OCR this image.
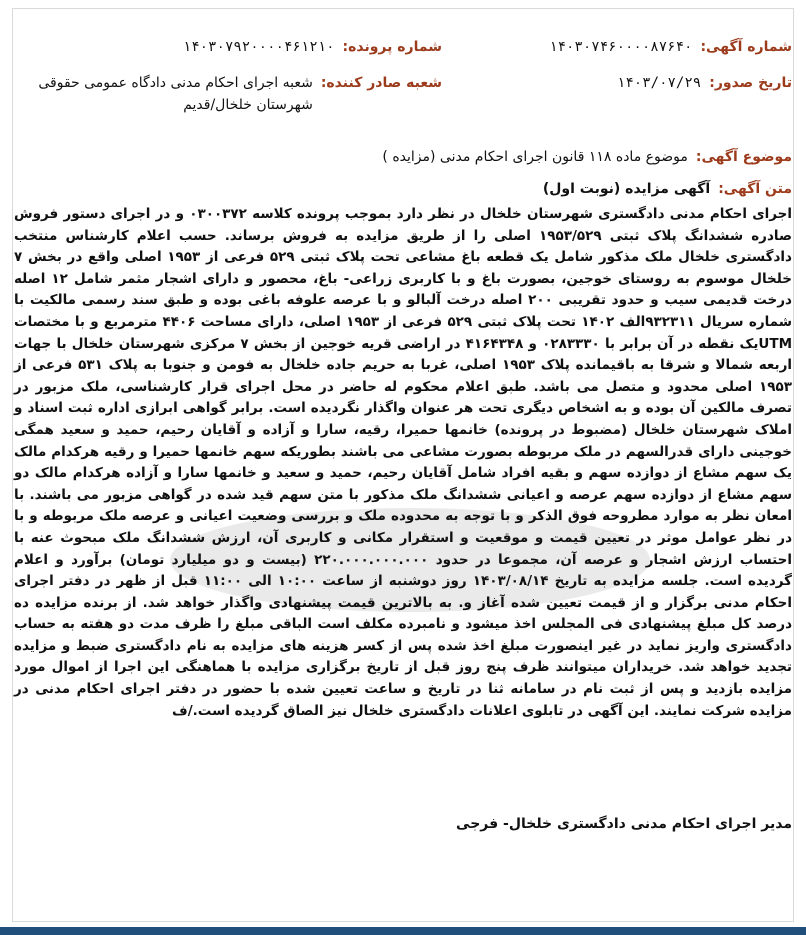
شماره آگهی:
۱۴۰۳۰۷۴۶۰۰۰۰۸۷۶۴۰
شماره پرونده:
۱۴۰۳۰۷۹۲۰۰۰۰۴۶۱۲۱۰
تاریخ صدور:
۱۴۰۳/۰۷/۲۹
شعبه صادر کننده:
شعبه اجرای احکام مدنی دادگاه عمومی حقوقی شهرستان خلخال/قدیم
موضوع آگهی:
موضوع ماده ۱۱۸ قانون اجرای احکام مدنی (مزایده )
متن آگهی:
آگهی مزایده (نوبت اول)
اجرای احکام مدنی دادگستری شهرستان خلخال در نظر دارد بموجب پرونده کلاسه ۰۳۰۰۳۷۲ و در اجرای دستور فروش صادره ششدانگ پلاک ثبتی ۱۹۵۳/۵۲۹ اصلی را از طریق مزایده به فروش برساند. حسب اعلام کارشناس منتخب دادگستری خلخال ملک مذکور شامل یک قطعه باغ مشاعی تحت پلاک ثبتی ۵۲۹ فرعی از ۱۹۵۳ اصلی واقع در بخش ۷ خلخال موسوم به روستای خوجین، بصورت باغ و با کاربری زراعی- باغ، محصور و دارای اشجار مثمر شامل ۱۲ اصله درخت قدیمی سیب و حدود تقریبی ۲۰۰ اصله درخت آلبالو و با عرصه علوفه باغی بوده و طبق سند رسمی مالکیت با شماره سریال ۹۳۲۳۱۱الف ۱۴۰۲ تحت پلاک ثبتی ۵۲۹ فرعی از ۱۹۵۳ اصلی، دارای مساحت ۴۴۰۶ مترمربع و با مختصات UTMیک نقطه در آن برابر با ۰۲۸۳۳۳۰ و ۴۱۶۴۳۴۸ در اراضی قریه خوجین از بخش ۷ مرکزی شهرستان خلخال با جهات اربعه شمالا و شرقا به باقیمانده پلاک ۱۹۵۳ اصلی، غربا به حریم جاده خلخال به فومن و جنوبا به پلاک ۵۳۱ فرعی از ۱۹۵۳ اصلی محدود و متصل می باشد. طبق اعلام محکوم له حاضر در محل اجرای قرار کارشناسی، ملک مزبور در تصرف مالکین آن بوده و به اشخاص دیگری تحت هر عنوان واگذار نگردیده است. برابر گواهی ابرازی اداره ثبت اسناد و املاک شهرستان خلخال (مضبوط در پرونده) خانمها حمیرا، رقیه، سارا و آزاده و آقایان رحیم، حمید و سعید همگی خوجینی دارای قدرالسهم در ملک مربوطه بصورت مشاعی می باشند بطوریکه سهم خانمها حمیرا و رقیه هرکدام مالک یک سهم مشاع از دوازده سهم و بقیه افراد شامل آقایان رحیم، حمید و سعید و خانمها سارا و آزاده هرکدام مالک دو سهم مشاع از دوازده سهم عرصه و اعیانی ششدانگ ملک مذکور با متن سهم قید شده در گواهی مزبور می باشند. با امعان نظر به موارد مطروحه فوق الذکر و با توجه به محدوده ملک و بررسی وضعیت اعیانی و عرصه ملک مربوطه و با در نظر عوامل موثر در تعیین قیمت و موقعیت و استقرار مکانی و کاربری آن، ارزش ششدانگ ملک مبحوث عنه با احتساب ارزش اشجار و عرصه آن، مجموعا در حدود ۲۲۰.۰۰۰.۰۰۰.۰۰۰ (بیست و دو میلیارد تومان) برآورد و اعلام گردیده است. جلسه مزایده به تاریخ ۱۴۰۳/۰۸/۱۴ روز دوشنبه از ساعت ۱۰:۰۰ الی ۱۱:۰۰ قبل از ظهر در دفتر اجرای احکام مدنی برگزار و از قیمت تعیین شده آغاز و. به بالاترین قیمت پیشنهادی واگذار خواهد شد. از برنده مزایده ده درصد کل مبلغ پیشنهادی فی المجلس اخذ میشود و نامبرده مکلف است الباقی مبلغ را ظرف مدت دو هفته به حساب دادگستری واریز نماید در غیر اینصورت مبلغ اخذ شده پس از کسر هزینه های مزایده به نام دادگستری ضبط و مزایده تجدید خواهد شد. خریداران میتوانند ظرف پنج روز قبل از تاریخ برگزاری مزایده با هماهنگی این اجرا از اموال مورد مزایده بازدید و پس از ثبت نام در سامانه ثنا در تاریخ و ساعت تعیین شده با حضور در دفتر اجرای احکام مدنی در مزایده شرکت نمایند. این آگهی در تابلوی اعلانات دادگستری خلخال نیز الصاق گردیده است./ف
مدیر اجرای احکام مدنی دادگستری خلخال- فرجی
